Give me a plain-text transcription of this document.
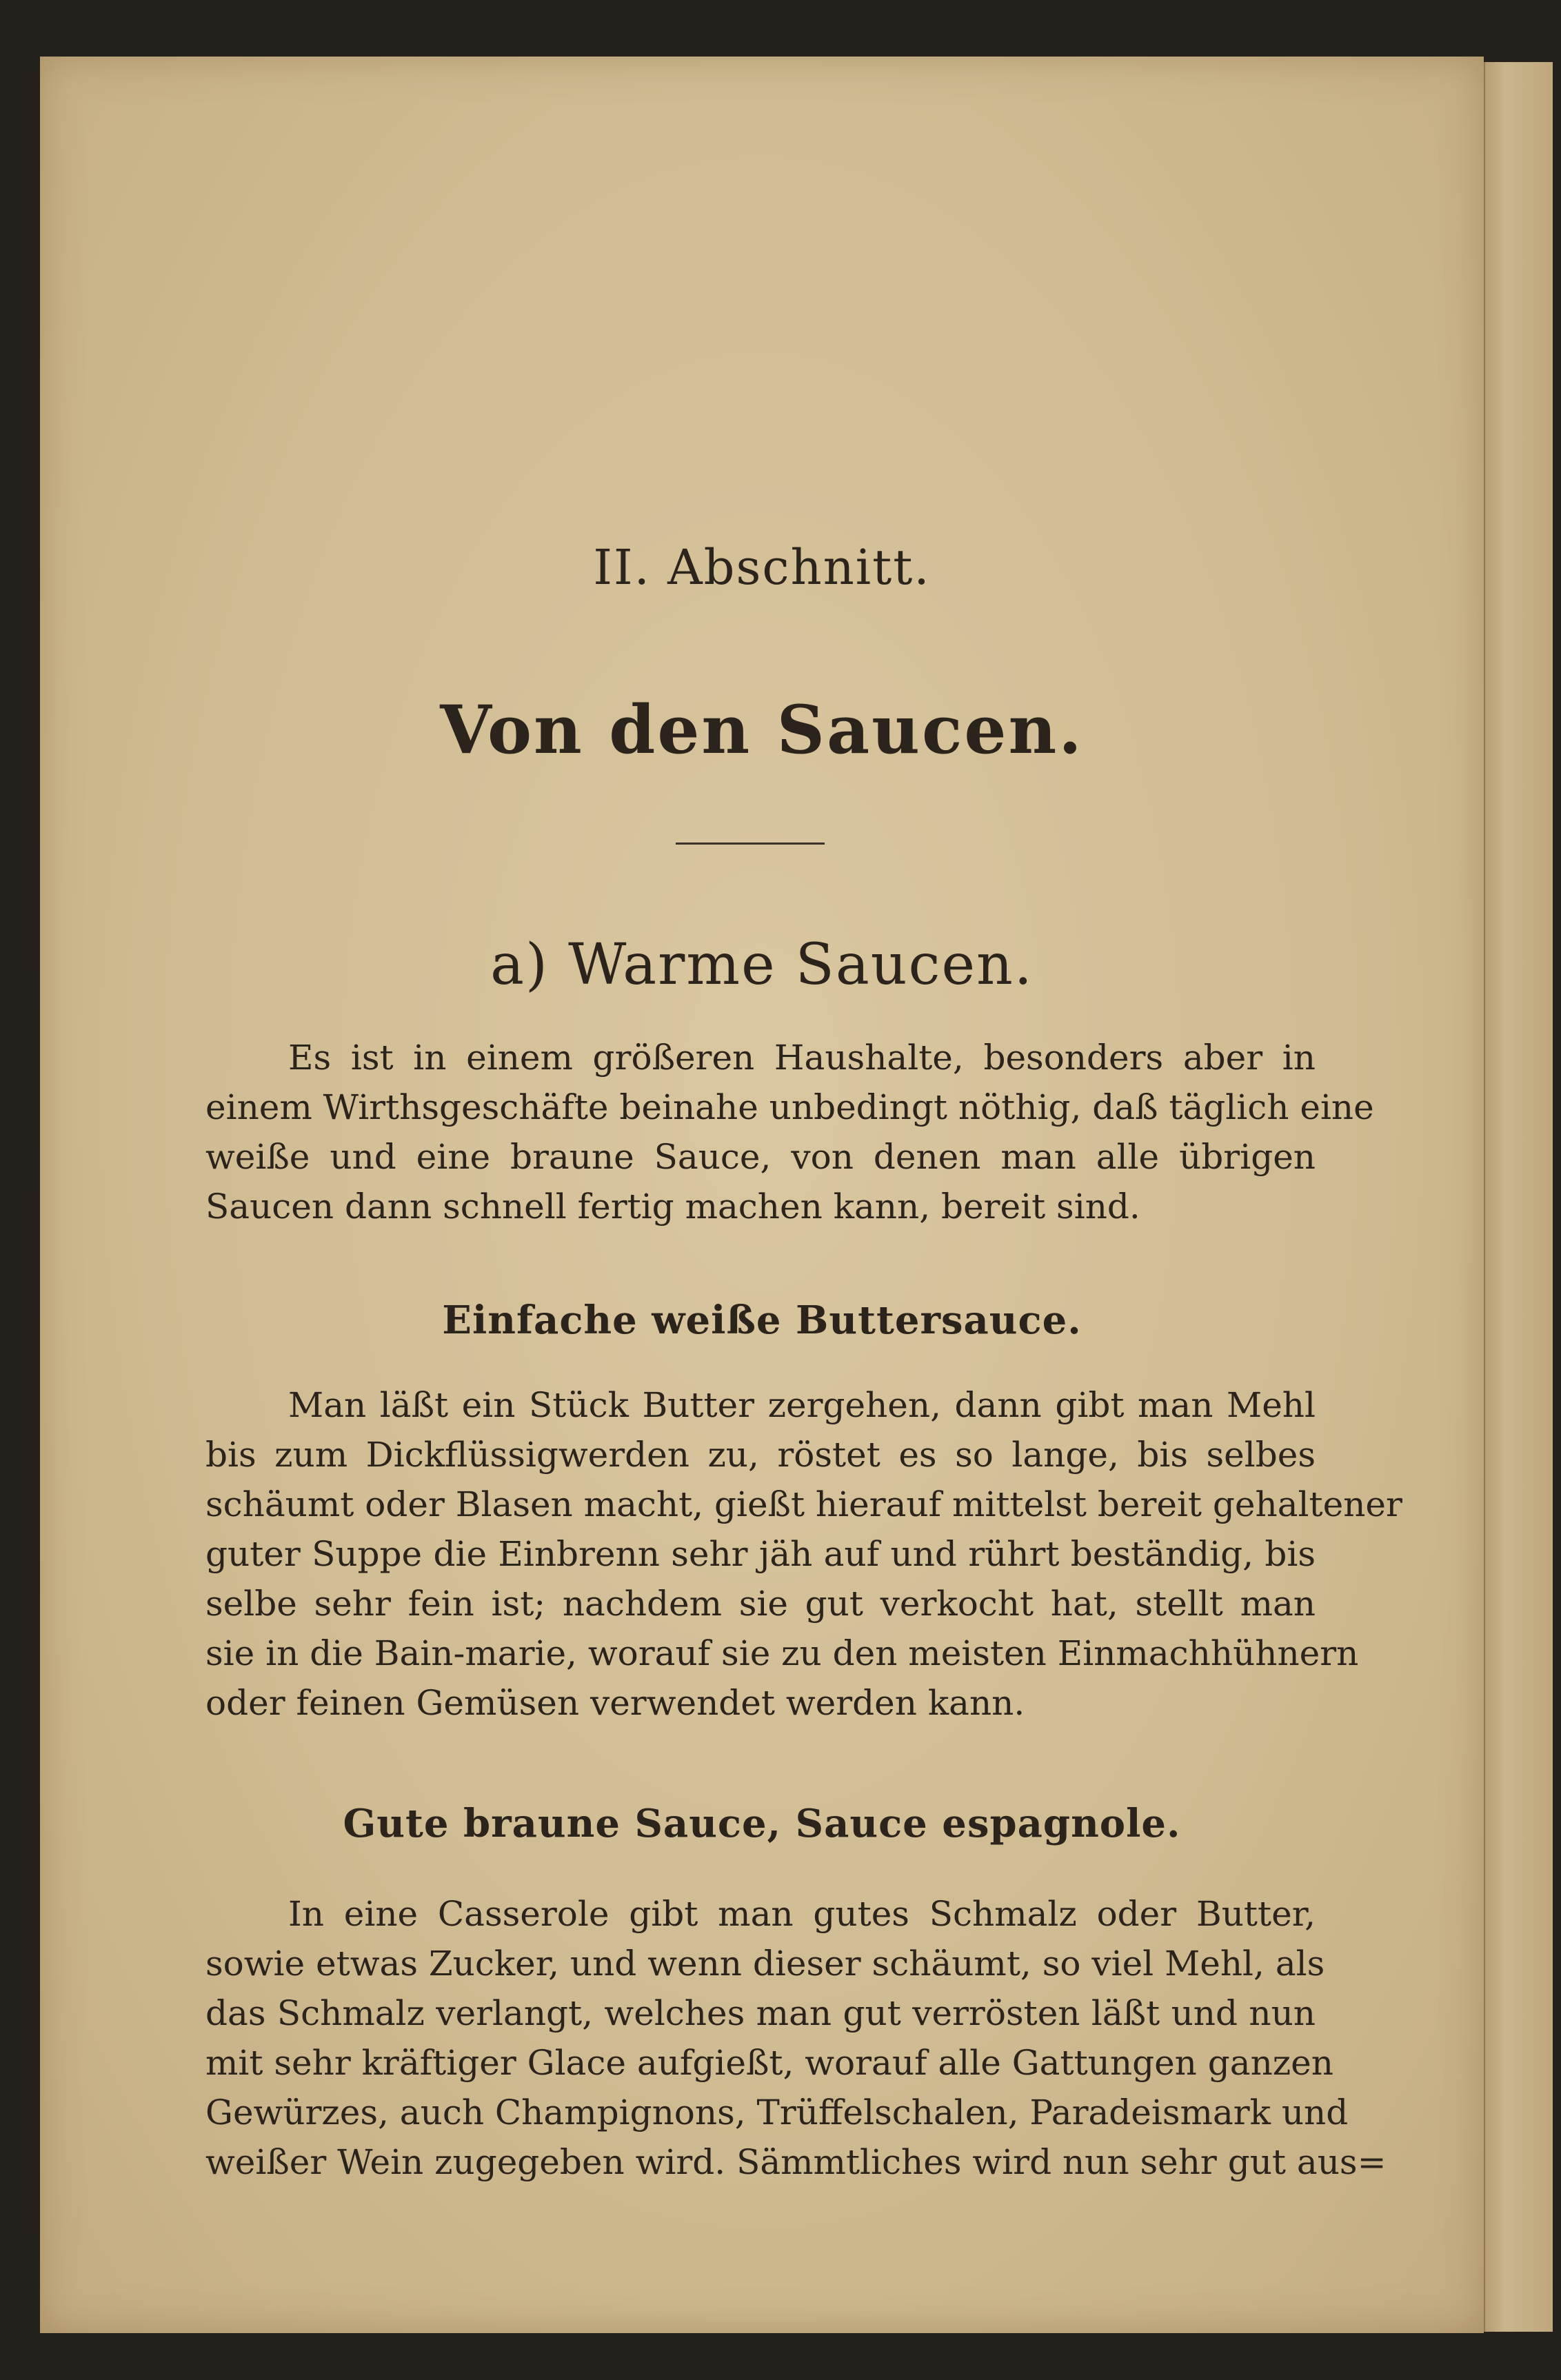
II. Abschnitt.
Von den Saucen.
a) Warme Saucen.
Es ist in einem größeren Haushalte, besonders aber in
einem Wirthsgeschäfte beinahe unbedingt nöthig, daß täglich eine
weiße und eine braune Sauce, von denen man alle übrigen
Saucen dann schnell fertig machen kann, bereit sind.
Einfache weiße Buttersauce.
Man läßt ein Stück Butter zergehen, dann gibt man Mehl
bis zum Dickflüssigwerden zu, röstet es so lange, bis selbes
schäumt oder Blasen macht, gießt hierauf mittelst bereit gehaltener
guter Suppe die Einbrenn sehr jäh auf und rührt beständig, bis
selbe sehr fein ist; nachdem sie gut verkocht hat, stellt man
sie in die Bain-marie, worauf sie zu den meisten Einmachhühnern
oder feinen Gemüsen verwendet werden kann.
Gute braune Sauce, Sauce espagnole.
In eine Casserole gibt man gutes Schmalz oder Butter,
sowie etwas Zucker, und wenn dieser schäumt, so viel Mehl, als
das Schmalz verlangt, welches man gut verrösten läßt und nun
mit sehr kräftiger Glace aufgießt, worauf alle Gattungen ganzen
Gewürzes, auch Champignons, Trüffelschalen, Paradeismark und
weißer Wein zugegeben wird. Sämmtliches wird nun sehr gut aus=
